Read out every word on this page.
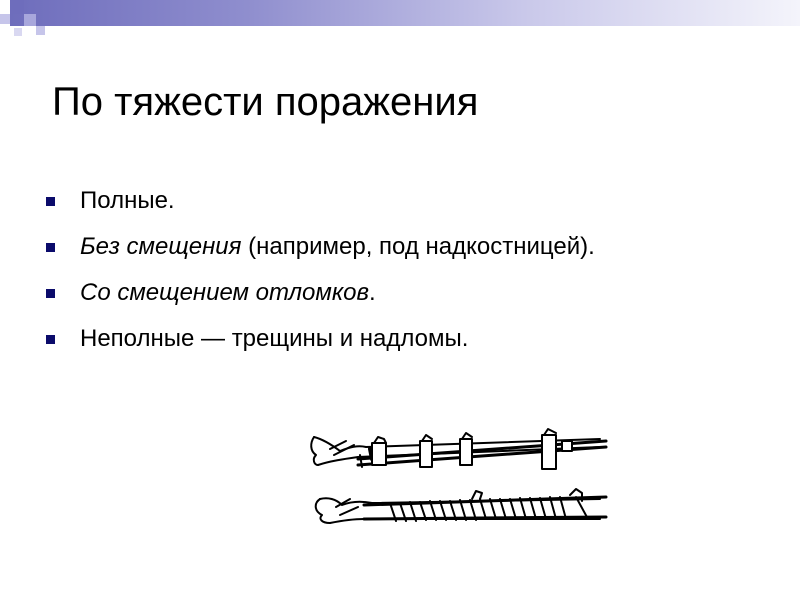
По тяжести поражения
Полные.
Без смещения (например, под надкостницей).
Со смещением отломков.
Неполные — трещины и надломы.
